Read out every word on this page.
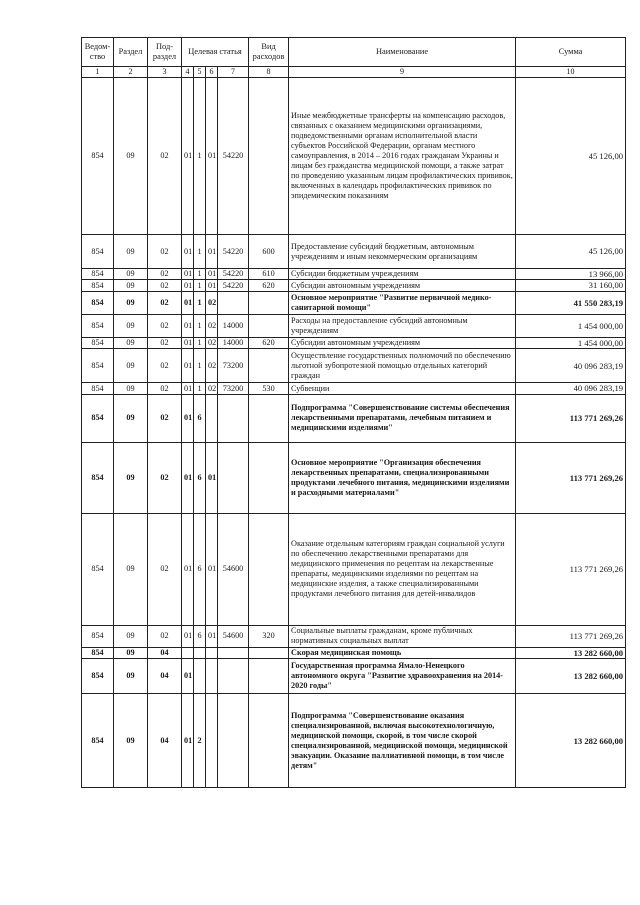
Ведом-ство	Раздел	Под-раздел	Целевая статья				Вид расходов	Наименование	Сумма
1	2	3	4	5	6	7	8	9	10
854	09	02	01	1	01	54220		Иные межбюджетные трансферты на компенсацию расходов, связанных с оказанием медицинскими организациями, подведомственными органам исполнительной власти субъектов Российской Федерации, органам местного самоуправления, в 2014 – 2016 годах гражданам Украины и лицам без гражданства медицинской помощи, а также затрат по проведению указанным лицам профилактических прививок, включенных в календарь профилактических прививок по эпидемическим показаниям	45 126,00
854	09	02	01	1	01	54220	600	Предоставление субсидий бюджетным, автономным учреждениям и иным некоммерческим организациям	45 126,00
854	09	02	01	1	01	54220	610	Субсидии бюджетным учреждениям	13 966,00
854	09	02	01	1	01	54220	620	Субсидии автономным учреждениям	31 160,00
854	09	02	01	1	02			Основное мероприятие "Развитие первичной медико-санитарной помощи"	41 550 283,19
854	09	02	01	1	02	14000		Расходы на предоставление субсидий автономным учреждениям	1 454 000,00
854	09	02	01	1	02	14000	620	Субсидии автономным учреждениям	1 454 000,00
854	09	02	01	1	02	73200		Осуществление государственных полномочий по обеспечению льготной зубопротезной помощью отдельных категорий граждан	40 096 283,19
854	09	02	01	1	02	73200	530	Субвенции	40 096 283,19
854	09	02	01	6				Подпрограмма "Совершенствование системы обеспечения лекарственными препаратами, лечебным питанием и медицинскими изделиями"	113 771 269,26
854	09	02	01	6	01			Основное мероприятие "Организация обеспечения лекарственных препаратами, специализированными продуктами лечебного питания, медицинскими изделиями и расходными материалами"	113 771 269,26
854	09	02	01	6	01	54600		Оказание отдельным категориям граждан социальной услуги по обеспечению лекарственными препаратами для медицинского применения по рецептам на лекарственные препараты, медицинскими изделиями по рецептам на медицинские изделия, а также специализированными продуктами лечебного питания для детей-инвалидов	113 771 269,26
854	09	02	01	6	01	54600	320	Социальные выплаты гражданам, кроме публичных нормативных социальных выплат	113 771 269,26
854	09	04						Скорая медицинская помощь	13 282 660,00
854	09	04	01					Государственная программа Ямало-Ненецкого автономного округа "Развитие здравоохранения на 2014-2020 годы"	13 282 660,00
854	09	04	01	2				Подпрограмма "Совершенствование оказания специализированной, включая высокотехнологичную, медицинской помощи, скорой, в том числе скорой специализированной, медицинской помощи, медицинской эвакуации. Оказание паллиативной помощи, в том числе детям"	13 282 660,00
